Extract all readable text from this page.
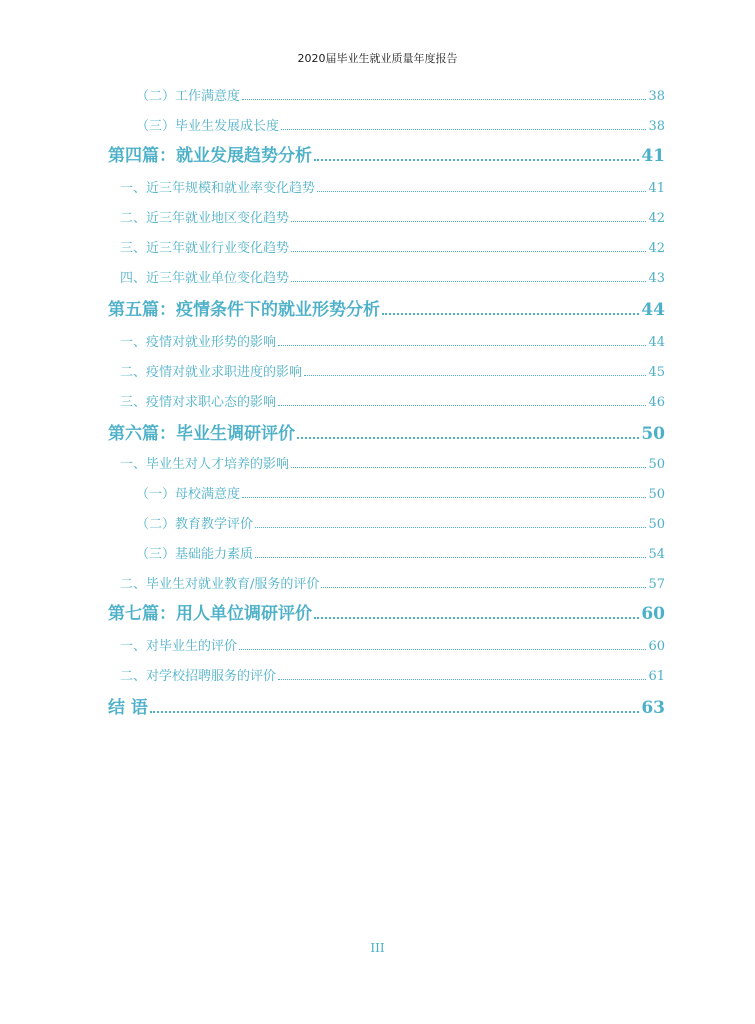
2020届毕业生就业质量年度报告
（二）工作满意度	38
（三）毕业生发展成长度	38
第四篇：就业发展趋势分析	41
一、近三年规模和就业率变化趋势	41
二、近三年就业地区变化趋势	42
三、近三年就业行业变化趋势	42
四、近三年就业单位变化趋势	43
第五篇：疫情条件下的就业形势分析	44
一、疫情对就业形势的影响	44
二、疫情对就业求职进度的影响	45
三、疫情对求职心态的影响	46
第六篇：毕业生调研评价	50
一、毕业生对人才培养的影响	50
（一）母校满意度	50
（二）教育教学评价	50
（三）基础能力素质	54
二、毕业生对就业教育/服务的评价	57
第七篇：用人单位调研评价	60
一、对毕业生的评价	60
二、对学校招聘服务的评价	61
结 语	63
III
